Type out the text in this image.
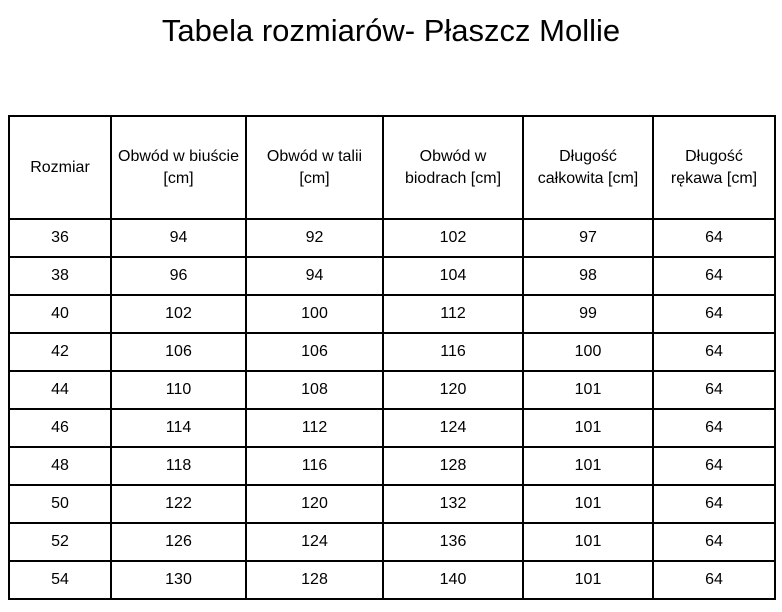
Tabela rozmiarów- Płaszcz Mollie
Rozmiar	Obwód w biuście [cm]	Obwód w talii [cm]	Obwód w biodrach [cm]	Długość całkowita [cm]	Długość rękawa [cm]
36	94	92	102	97	64
38	96	94	104	98	64
40	102	100	112	99	64
42	106	106	116	100	64
44	110	108	120	101	64
46	114	112	124	101	64
48	118	116	128	101	64
50	122	120	132	101	64
52	126	124	136	101	64
54	130	128	140	101	64
